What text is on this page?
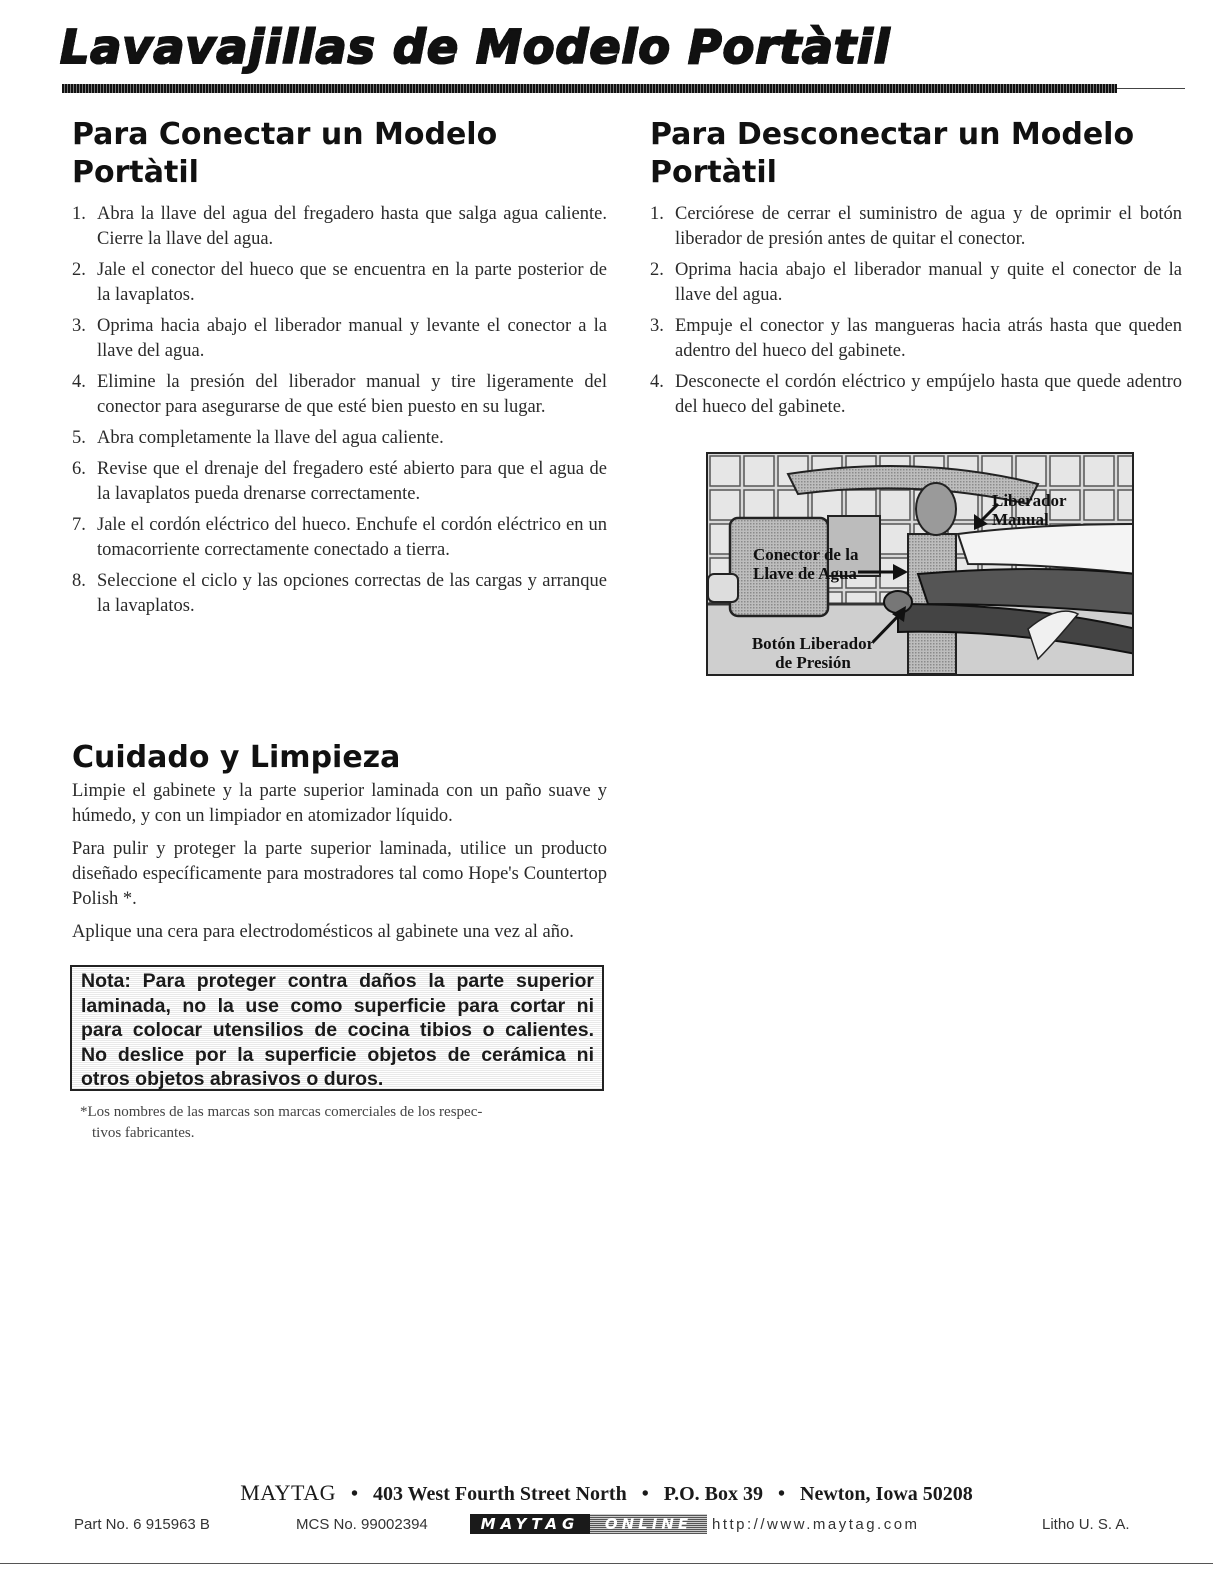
Lavavajillas de Modelo Portàtil
Para Conectar un Modelo
Portàtil
1. Abra la llave del agua del fregadero hasta que salga agua caliente. Cierre la llave del agua.
2. Jale el conector del hueco que se encuentra en la parte posterior de la lavaplatos.
3. Oprima hacia abajo el liberador manual y levante el conector a la llave del agua.
4. Elimine la presión del liberador manual y tire ligeramente del conector para asegurarse de que esté bien puesto en su lugar.
5. Abra completamente la llave del agua caliente.
6. Revise que el drenaje del fregadero esté abierto para que el agua de la lavaplatos pueda drenarse correctamente.
7. Jale el cordón eléctrico del hueco. Enchufe el cordón eléctrico en un tomacorriente correctamente conectado a tierra.
8. Seleccione el ciclo y las opciones correctas de las cargas y arranque la lavaplatos.
Para Desconectar un Modelo
Portàtil
1. Cerciórese de cerrar el suministro de agua y de oprimir el botón liberador de presión antes de quitar el conector.
2. Oprima hacia abajo el liberador manual y quite el conector de la llave del agua.
3. Empuje el conector y las mangueras hacia atrás hasta que queden adentro del hueco del gabinete.
4. Desconecte el cordón eléctrico y empújelo hasta que quede adentro del hueco del gabinete.
Liberador
Manual
Conector de la
Llave de Agua
Botón Liberador
de Presión
Cuidado y Limpieza

Limpie el gabinete y la parte superior laminada con un paño suave y húmedo, y con un limpiador en atomizador líquido.

Para pulir y proteger la parte superior laminada, utilice un producto diseñado específicamente para mostradores tal como Hope's Countertop Polish *.

Aplique una cera para electrodomésticos al gabinete una vez al año.

Nota: Para proteger contra daños la parte superior
laminada, no la use como superficie para cortar ni
para colocar utensilios de cocina tibios o calientes.
No deslice por la superficie objetos de cerámica ni
otros objetos abrasivos o duros.
*Los nombres de las marcas son marcas comerciales de los respec-
tivos fabricantes.
MAYTAG • 403 West Fourth Street North • P.O. Box 39 • Newton, Iowa 50208
Part No. 6 915963 B	MCS No. 99002394	MAYTAG	ONLINE	http://www.maytag.com	Litho U. S. A.
